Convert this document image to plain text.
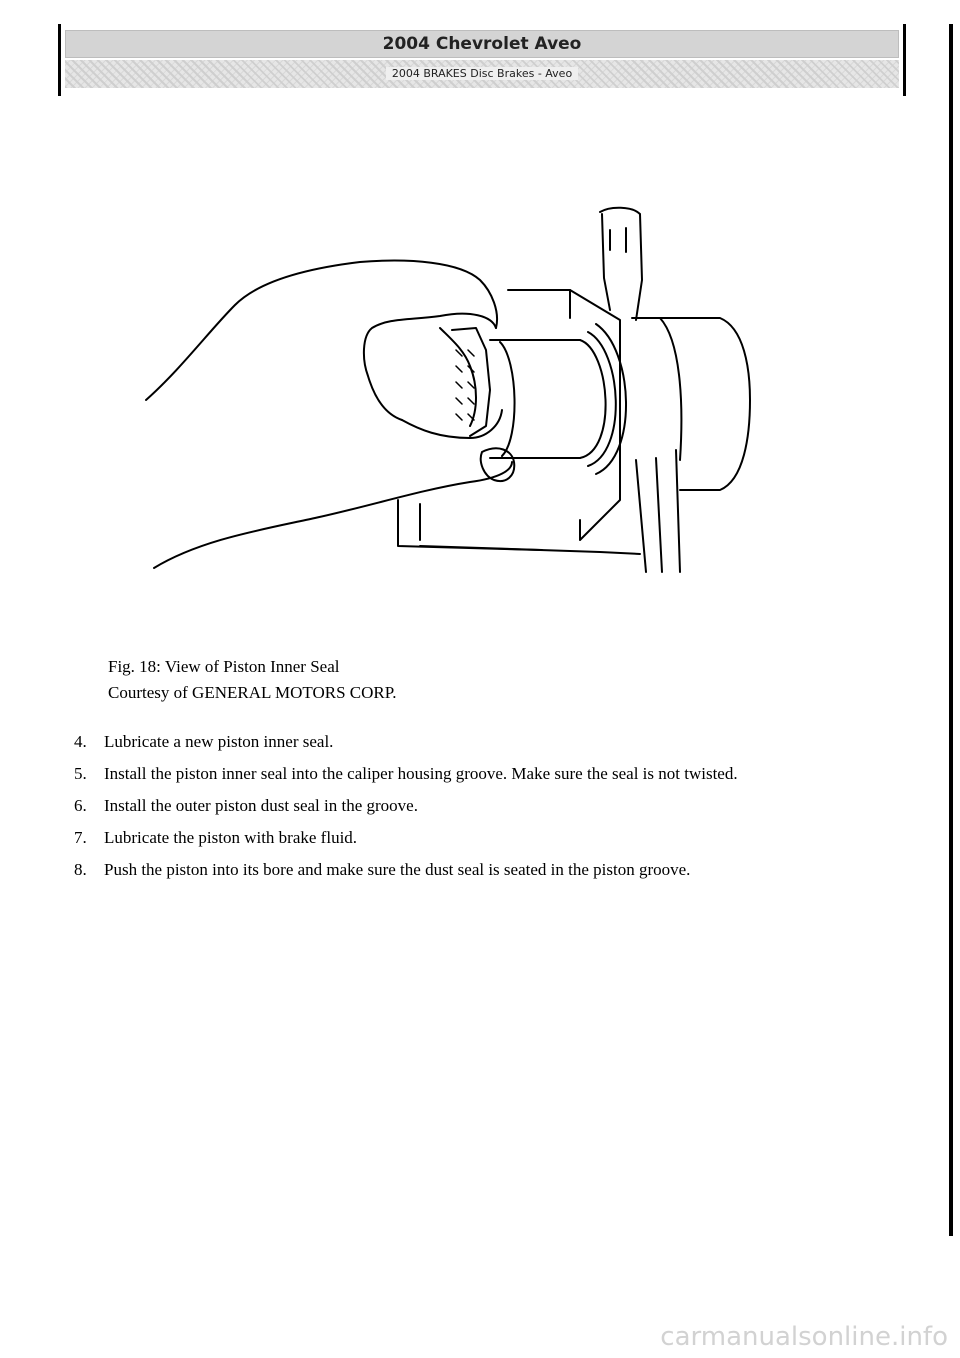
2004 Chevrolet Aveo
2004 BRAKES Disc Brakes - Aveo
Fig. 18: View of Piston Inner Seal
Courtesy of GENERAL MOTORS CORP.
4. Lubricate a new piston inner seal.
5. Install the piston inner seal into the caliper housing groove. Make sure the seal is not twisted.
6. Install the outer piston dust seal in the groove.
7. Lubricate the piston with brake fluid.
8. Push the piston into its bore and make sure the dust seal is seated in the piston groove.
carmanualsonline.info
